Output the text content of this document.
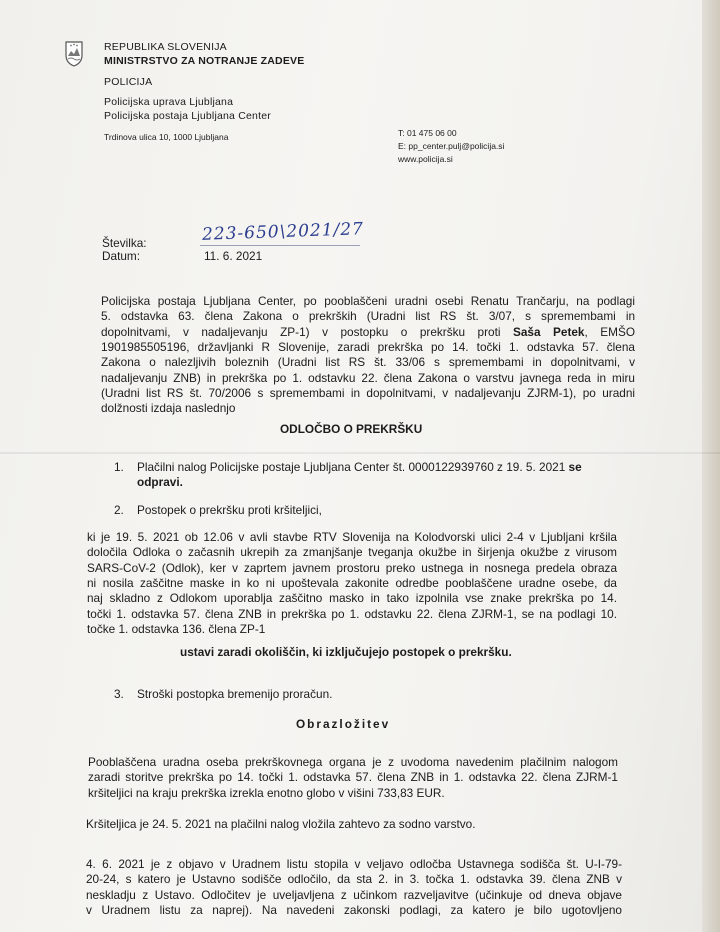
REPUBLIKA SLOVENIJA
MINISTRSTVO ZA NOTRANJE ZADEVE
POLICIJA
Policijska uprava Ljubljana
Policijska postaja Ljubljana Center
Trdinova ulica 10, 1000 Ljubljana	T: 01 475 06 00
E: pp_center.pulj@policija.si
www.policija.si
Številka:	223-650\2021/27
Datum:	11. 6. 2021
Policijska postaja Ljubljana Center, po pooblaščeni uradni osebi Renatu Trančarju, na podlagi
5. odstavka 63. člena Zakona o prekrških (Uradni list RS št. 3/07, s spremembami in
dopolnitvami, v nadaljevanju ZP-1) v postopku o prekršku proti Saša Petek, EMŠO
1901985505196, državljanki R Slovenije, zaradi prekrška po 14. točki 1. odstavka 57. člena
Zakona o nalezljivih boleznih (Uradni list RS št. 33/06 s spremembami in dopolnitvami, v
nadaljevanju ZNB) in prekrška po 1. odstavku 22. člena Zakona o varstvu javnega reda in miru
(Uradni list RS št. 70/2006 s spremembami in dopolnitvami, v nadaljevanju ZJRM-1), po uradni
dolžnosti izdaja naslednjo
ODLOČBO O PREKRŠKU
1. Plačilni nalog Policijske postaje Ljubljana Center št. 0000122939760 z 19. 5. 2021 se
odpravi.
2. Postopek o prekršku proti kršiteljici,
ki je 19. 5. 2021 ob 12.06 v avli stavbe RTV Slovenija na Kolodvorski ulici 2-4 v Ljubljani kršila
določila Odloka o začasnih ukrepih za zmanjšanje tveganja okužbe in širjenja okužbe z virusom
SARS-CoV-2 (Odlok), ker v zaprtem javnem prostoru preko ustnega in nosnega predela obraza
ni nosila zaščitne maske in ko ni upoštevala zakonite odredbe pooblaščene uradne osebe, da
naj skladno z Odlokom uporablja zaščitno masko in tako izpolnila vse znake prekrška po 14.
točki 1. odstavka 57. člena ZNB in prekrška po 1. odstavku 22. člena ZJRM-1, se na podlagi 10.
točke 1. odstavka 136. člena ZP-1
ustavi zaradi okoliščin, ki izključujejo postopek o prekršku.
3. Stroški postopka bremenijo proračun.
Obrazložitev
Pooblaščena uradna oseba prekrškovnega organa je z uvodoma navedenim plačilnim nalogom
zaradi storitve prekrška po 14. točki 1. odstavka 57. člena ZNB in 1. odstavka 22. člena ZJRM-1
kršiteljici na kraju prekrška izrekla enotno globo v višini 733,83 EUR.
Kršiteljica je 24. 5. 2021 na plačilni nalog vložila zahtevo za sodno varstvo.
4. 6. 2021 je z objavo v Uradnem listu stopila v veljavo odločba Ustavnega sodišča št. U-I-79-
20-24, s katero je Ustavno sodišče odločilo, da sta 2. in 3. točka 1. odstavka 39. člena ZNB v
neskladju z Ustavo. Odločitev je uveljavljena z učinkom razveljavitve (učinkuje od dneva objave
v Uradnem listu za naprej). Na navedeni zakonski podlagi, za katero je bilo ugotovljeno
